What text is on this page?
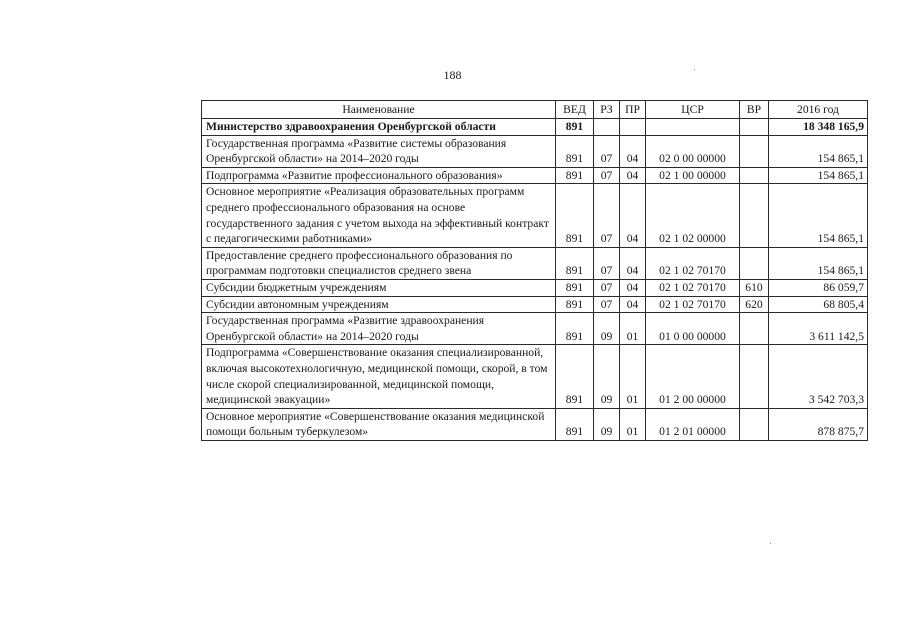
188
Наименование	ВЕД	РЗ	ПР	ЦСР	ВР	2016 год
Министерство здравоохранения Оренбургской области	891					18 348 165,9
Государственная программа «Развитие системы образования Оренбургской области» на 2014–2020 годы	891	07	04	02 0 00 00000		154 865,1
Подпрограмма «Развитие профессионального образования»	891	07	04	02 1 00 00000		154 865,1
Основное мероприятие «Реализация образовательных программ среднего профессионального образования на основе государственного задания с учетом выхода на эффективный контракт с педагогическими работниками»	891	07	04	02 1 02 00000		154 865,1
Предоставление среднего профессионального образования по программам подготовки специалистов среднего звена	891	07	04	02 1 02 70170		154 865,1
Субсидии бюджетным учреждениям	891	07	04	02 1 02 70170	610	86 059,7
Субсидии автономным учреждениям	891	07	04	02 1 02 70170	620	68 805,4
Государственная программа «Развитие здравоохранения Оренбургской области» на 2014–2020 годы	891	09	01	01 0 00 00000		3 611 142,5
Подпрограмма «Совершенствование оказания специализированной, включая высокотехнологичную, медицинской помощи, скорой, в том числе скорой специализированной, медицинской помощи, медицинской эвакуации»	891	09	01	01 2 00 00000		3 542 703,3
Основное мероприятие «Совершенствование оказания медицинской помощи больным туберкулезом»	891	09	01	01 2 01 00000		878 875,7
